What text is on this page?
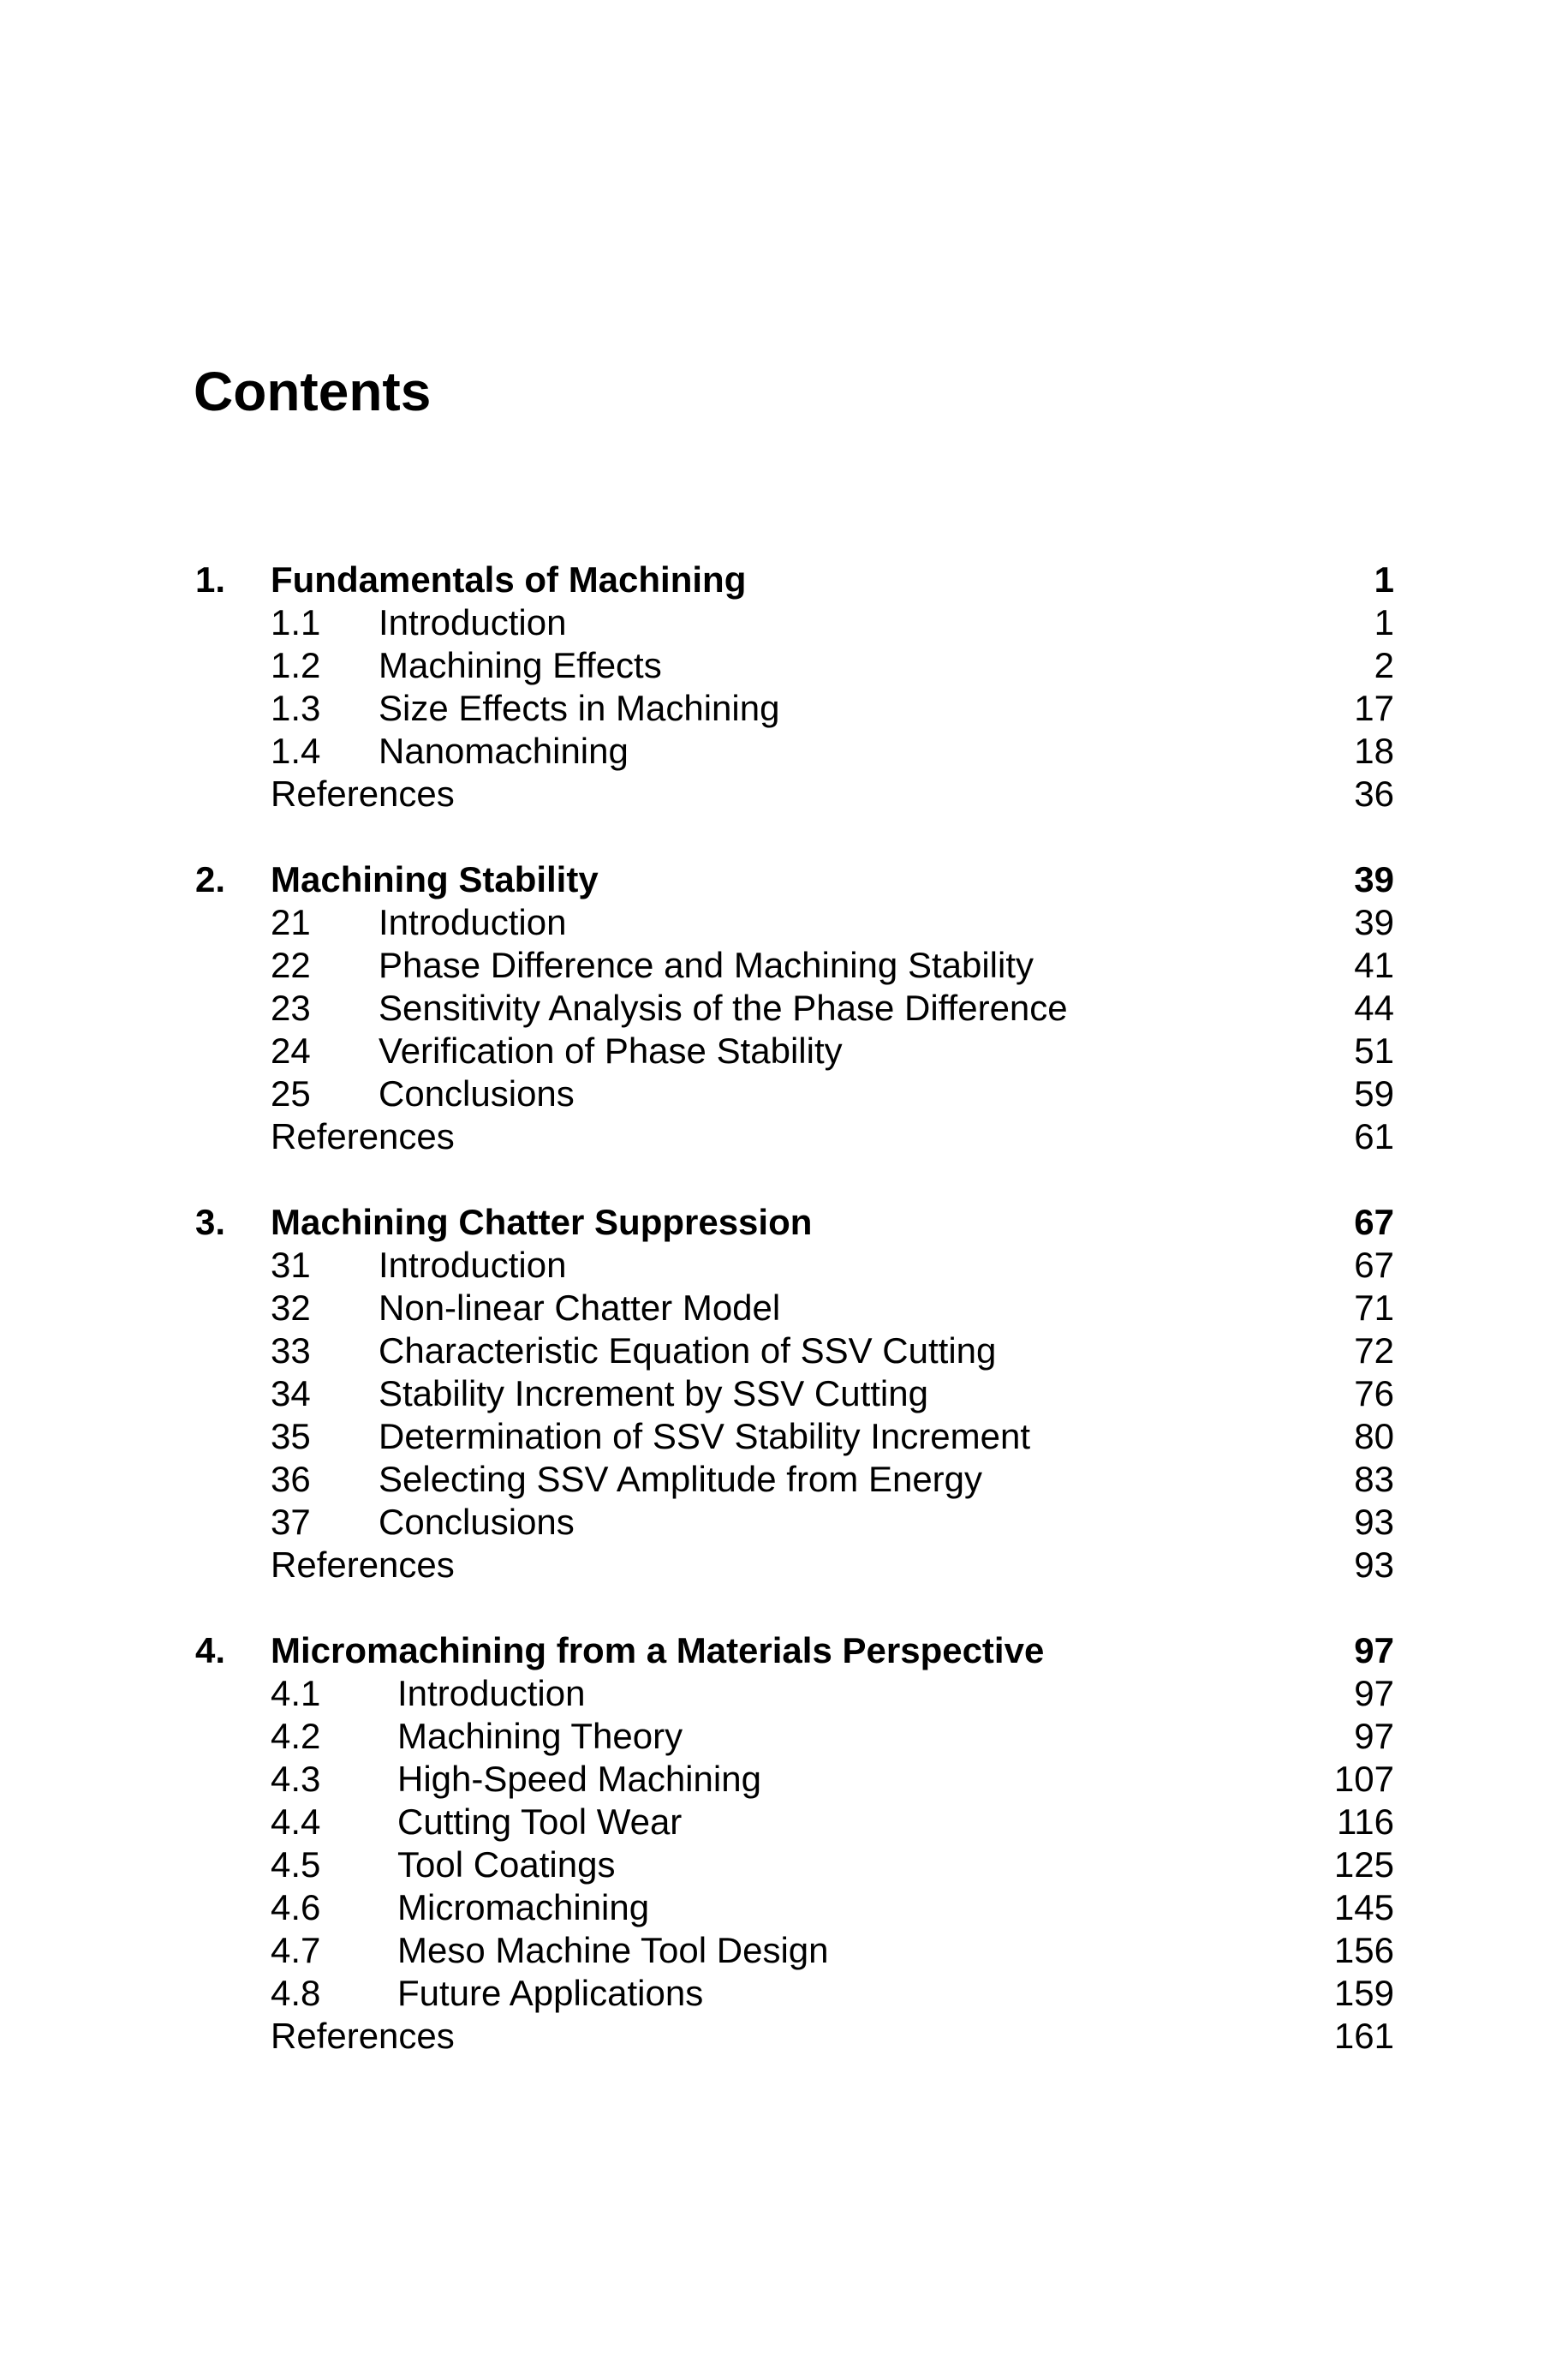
Contents
1. Fundamentals of Machining	1
1.1 Introduction	1
1.2 Machining Effects	2
1.3 Size Effects in Machining	17
1.4 Nanomachining	18
References	36
2. Machining Stability	39
21 Introduction	39
22 Phase Difference and Machining Stability	41
23 Sensitivity Analysis of the Phase Difference	44
24 Verification of Phase Stability	51
25 Conclusions	59
References	61
3. Machining Chatter Suppression	67
31 Introduction	67
32 Non-linear Chatter Model	71
33 Characteristic Equation of SSV Cutting	72
34 Stability Increment by SSV Cutting	76
35 Determination of SSV Stability Increment	80
36 Selecting SSV Amplitude from Energy	83
37 Conclusions	93
References	93
4. Micromachining from a Materials Perspective	97
4.1 Introduction	97
4.2 Machining Theory	97
4.3 High-Speed Machining	107
4.4 Cutting Tool Wear	116
4.5 Tool Coatings	125
4.6 Micromachining	145
4.7 Meso Machine Tool Design	156
4.8 Future Applications	159
References	161
